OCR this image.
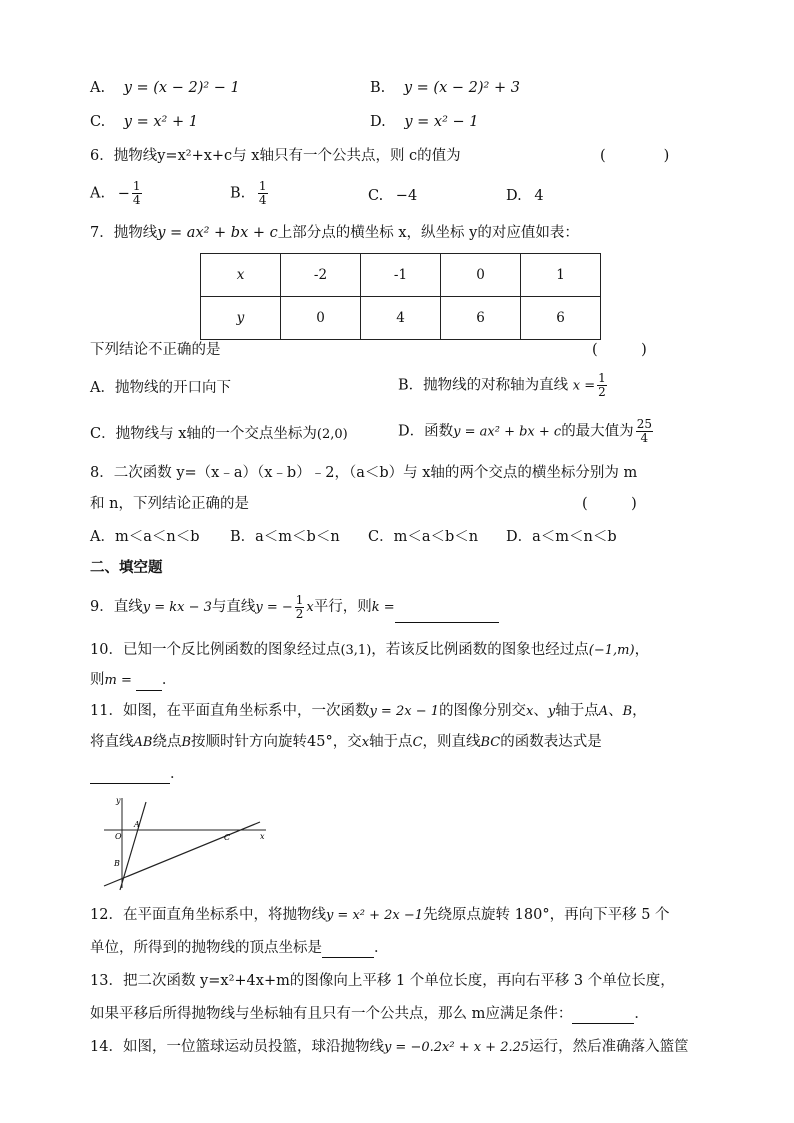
A. y = (x − 2)² − 1	B. y = (x − 2)² + 3
C. y = x² + 1	D. y = x² − 1
6．抛物线y=x²+x+c与 x轴只有一个公共点，则 c的值为	(　　　　)
A. − $\frac{1}{4}$	B. $\frac{1}{4}$	C. −4	D. 4
7．抛物线y = ax² + bx + c上部分点的横坐标 x，纵坐标 y的对应值如表：
x	-2	-1	0	1
y	0	4	6	6
下列结论不正确的是	(　　　)
A．抛物线的开口向下	B．抛物线的对称轴为直线 $x = \frac{1}{2}$
C．抛物线与 x轴的一个交点坐标为(2,0)	D．函数y = ax² + bx + c的最大值为 $\frac{25}{4}$
8．二次函数 y=（x﹣a）（x﹣b）﹣2，（a＜b）与 x轴的两个交点的横坐标分别为 m
和 n，下列结论正确的是	(　　　)
A．m＜a＜n＜b B．a＜m＜b＜n C．m＜a＜b＜n D．a＜m＜n＜b
二、填空题
9．直线y = kx − 3与直线y = − $\frac{1}{2}$ x平行，则k =
10．已知一个反比例函数的图象经过点(3,1)，若该反比例函数的图象也经过点(−1,m)，
则m = ．
11．如图，在平面直角坐标系中，一次函数y = 2x − 1的图像分别交x、y轴于点A、B，
将直线AB绕点B按顺时针方向旋转45°，交x轴于点C，则直线BC的函数表达式是
．
y
x
O
A
B
C
12．在平面直角坐标系中，将抛物线y = x² + 2x −1先绕原点旋转 180°，再向下平移 5 个
单位，所得到的抛物线的顶点坐标是	．
13．把二次函数 y=x²+4x+m的图像向上平移 1 个单位长度，再向右平移 3 个单位长度，
如果平移后所得抛物线与坐标轴有且只有一个公共点，那么 m应满足条件：	．
14．如图，一位篮球运动员投篮，球沿抛物线y = −0.2x² + x + 2.25运行，然后准确落入篮筐
